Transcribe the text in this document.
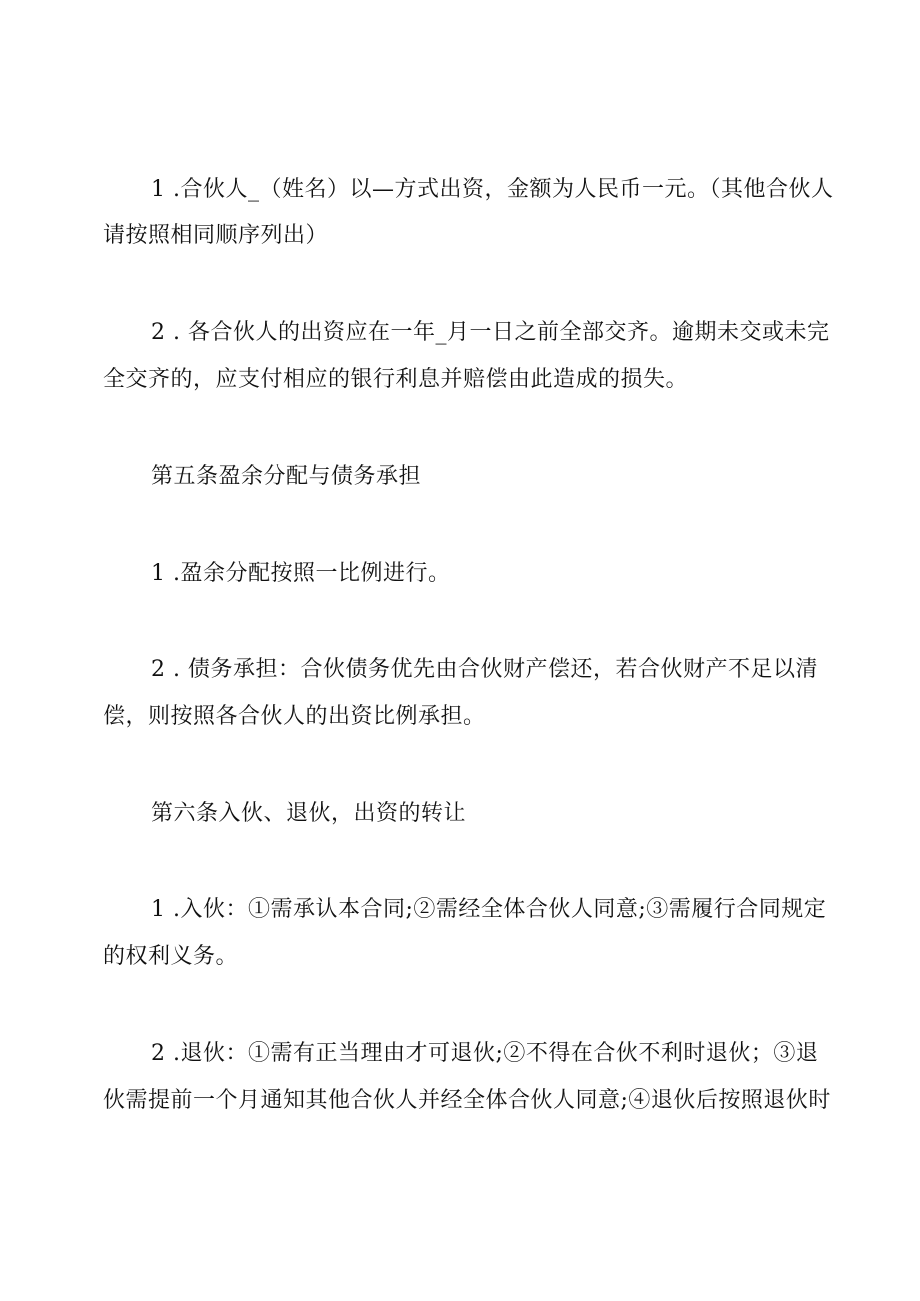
1 .合伙人_（姓名）以—方式出资，金额为人民币一元。（其他合伙人
请按照相同顺序列出）
2 . 各合伙人的出资应在一年_月一日之前全部交齐。逾期未交或未完
全交齐的，应支付相应的银行利息并赔偿由此造成的损失。
第五条盈余分配与债务承担
1 .盈余分配按照一比例进行。
2 . 债务承担：合伙债务优先由合伙财产偿还，若合伙财产不足以清
偿，则按照各合伙人的出资比例承担。
第六条入伙、退伙，出资的转让
1 .入伙：①需承认本合同;②需经全体合伙人同意;③需履行合同规定
的权利义务。
2 .退伙：①需有正当理由才可退伙;②不得在合伙不利时退伙；③退
伙需提前一个月通知其他合伙人并经全体合伙人同意;④退伙后按照退伙时
